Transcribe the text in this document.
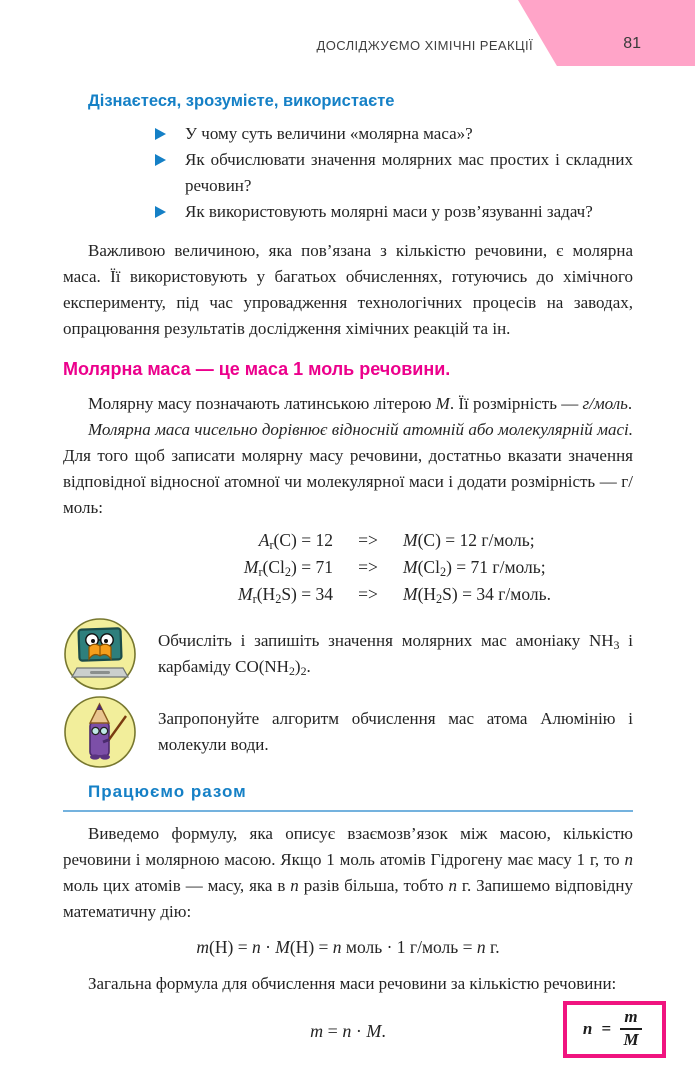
ДОСЛІДЖУЄМО ХІМІЧНІ РЕАКЦІЇ	81
Дізнаєтеся, зрозумієте, використаєте
У чому суть величини «молярна маса»?
Як обчислювати значення молярних мас простих і складних речовин?
Як використовують молярні маси у розв’язуванні задач?

Важливою величиною, яка пов’язана з кількістю речовини, є молярна маса. Її використовують у багатьох обчисленнях, готуючись до хімічного експерименту, під час упровадження технологічних процесів на заводах, опрацювання результатів дослідження хімічних реакцій та ін.

Молярна маса — це маса 1 моль речовини.

Молярну масу позначають латинською літерою M. Її розмірність — г/моль.

Молярна маса чисельно дорівнює відносній атомній або молекулярній масі. Для того щоб записати молярну масу речовини, достатньо вказати значення відповідної відносної атомної чи молекулярної маси і додати розмірність — г/моль:

$A_r(C) = 12$	=>	M(C) = 12 г/моль;
$M_r(Cl_2) = 71$	=>	$M(Cl_2) = 71$ г/моль;
$M_r(H_2S) = 34$	=>	$M(H_2S) = 34$ г/моль.

Обчисліть і запишіть значення молярних мас амоніаку $NH_3$ і карбаміду $CO(NH_2)_2$.

Запропонуйте алгоритм обчислення мас атома Алюмінію і молекули води.

Працюємо разом

Виведемо формулу, яка описує взаємозв’язок між масою, кількістю речовини і молярною масою. Якщо 1 моль атомів Гідрогену має масу 1 г, то n моль цих атомів — масу, яка в n разів більша, тобто n г. Запишемо відповідну математичну дію:

m(H) = n · M(H) = n моль · 1 г/моль = n г.

Загальна формула для обчислення маси речовини за кількістю речовини:

m = n · M.	$n = \frac{m}{M}$
